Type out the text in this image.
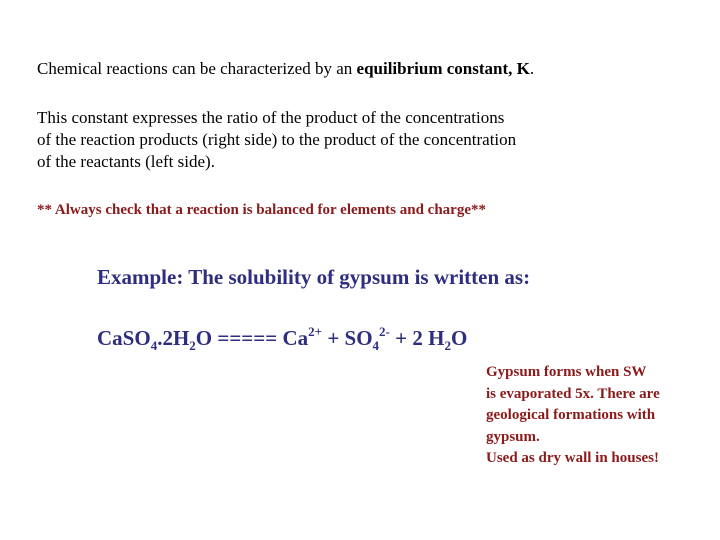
Chemical reactions can be characterized by an equilibrium constant, K.
This constant expresses the ratio of the product of the concentrations
of the reaction products (right side) to the product of the concentration
of the reactants (left side).
** Always check that a reaction is balanced for elements and charge**
Example: The solubility of gypsum is written as:
$CaSO_4.2H_2O$ ===== $Ca^{2+} + SO_4^{2-} + 2$ $H_2O$
Gypsum forms when SW
is evaporated 5x. There are
geological formations with
gypsum.
Used as dry wall in houses!
